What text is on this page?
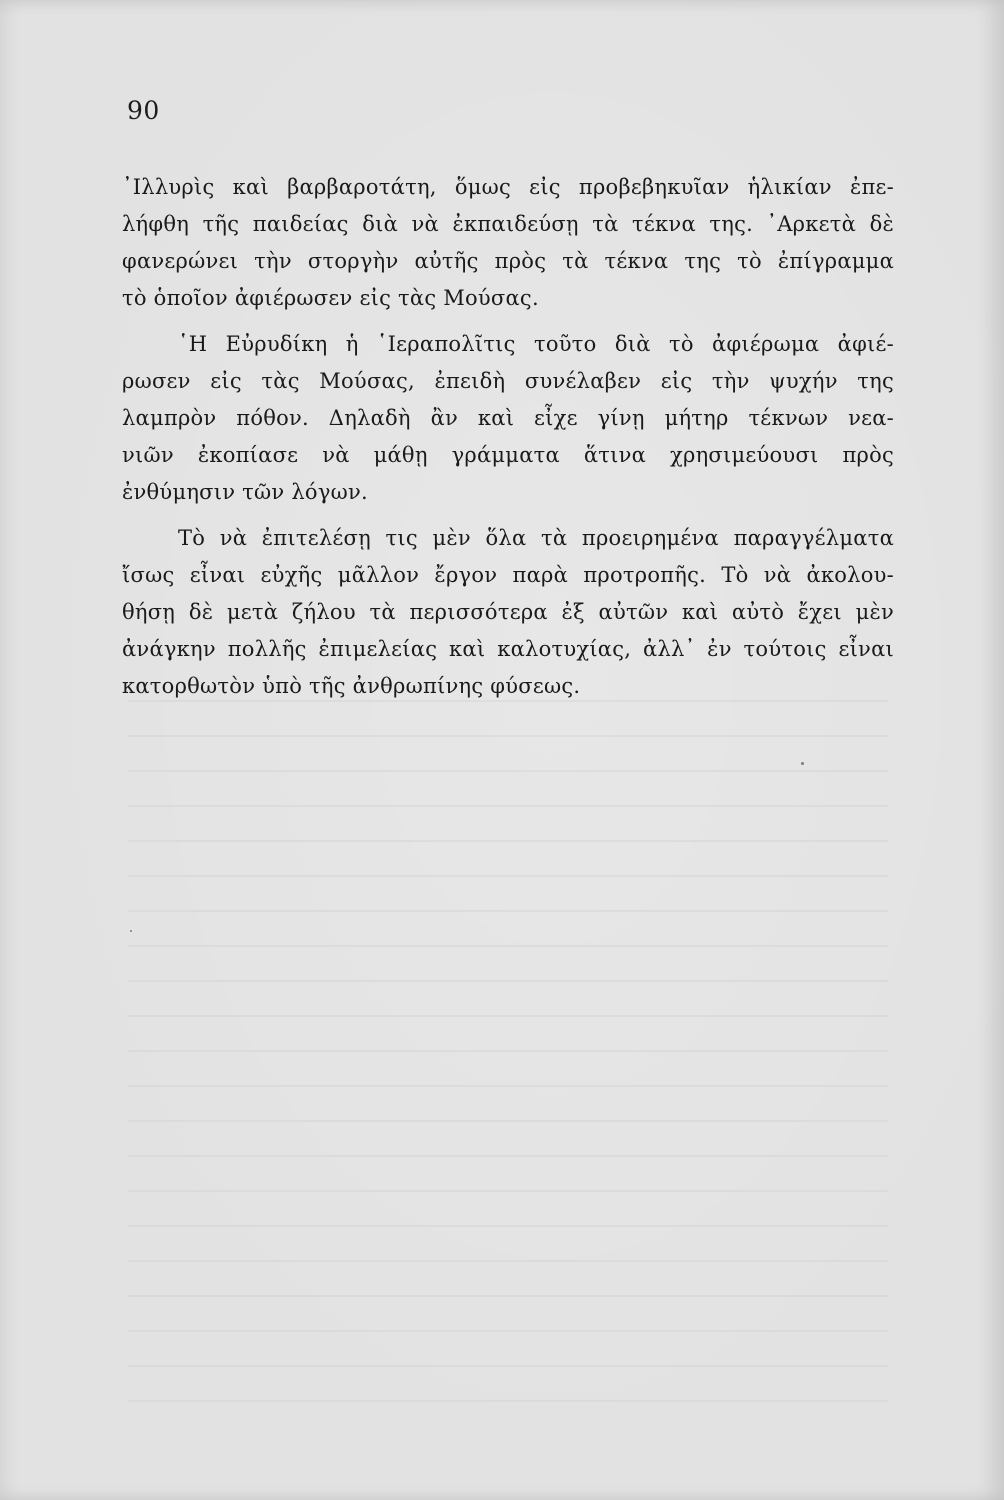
90
᾿Ιλλυρὶς καὶ βαρβαροτάτη, ὅμως εἰς προβεβηκυῖαν ἡλικίαν ἐπε-
λήφθη τῆς παιδείας διὰ νὰ ἐκπαιδεύσῃ τὰ τέκνα της. ᾿Αρκετὰ δὲ
φανερώνει τὴν στοργὴν αὐτῆς πρὸς τὰ τέκνα της τὸ ἐπίγραμμα
τὸ ὁποῖον ἀφιέρωσεν εἰς τὰς Μούσας.
῾Η Εὐρυδίκη ἡ ῾Ιεραπολῖτις τοῦτο διὰ τὸ ἀφιέρωμα ἀφιέ-
ρωσεν εἰς τὰς Μούσας, ἐπειδὴ συνέλαβεν εἰς τὴν ψυχήν της
λαμπρὸν πόθον. Δηλαδὴ ἂν καὶ εἶχε γίνῃ μήτηρ τέκνων νεα-
νιῶν ἐκοπίασε νὰ μάθῃ γράμματα ἅτινα χρησιμεύουσι πρὸς
ἐνθύμησιν τῶν λόγων.
Τὸ νὰ ἐπιτελέσῃ τις μὲν ὅλα τὰ προειρημένα παραγγέλματα
ἴσως εἶναι εὐχῆς μᾶλλον ἔργον παρὰ προτροπῆς. Τὸ νὰ ἀκολου-
θήσῃ δὲ μετὰ ζήλου τὰ περισσότερα ἐξ αὐτῶν καὶ αὐτὸ ἔχει μὲν
ἀνάγκην πολλῆς ἐπιμελείας καὶ καλοτυχίας, ἀλλ᾿ ἐν τούτοις εἶναι
κατορθωτὸν ὑπὸ τῆς ἀνθρωπίνης φύσεως.
